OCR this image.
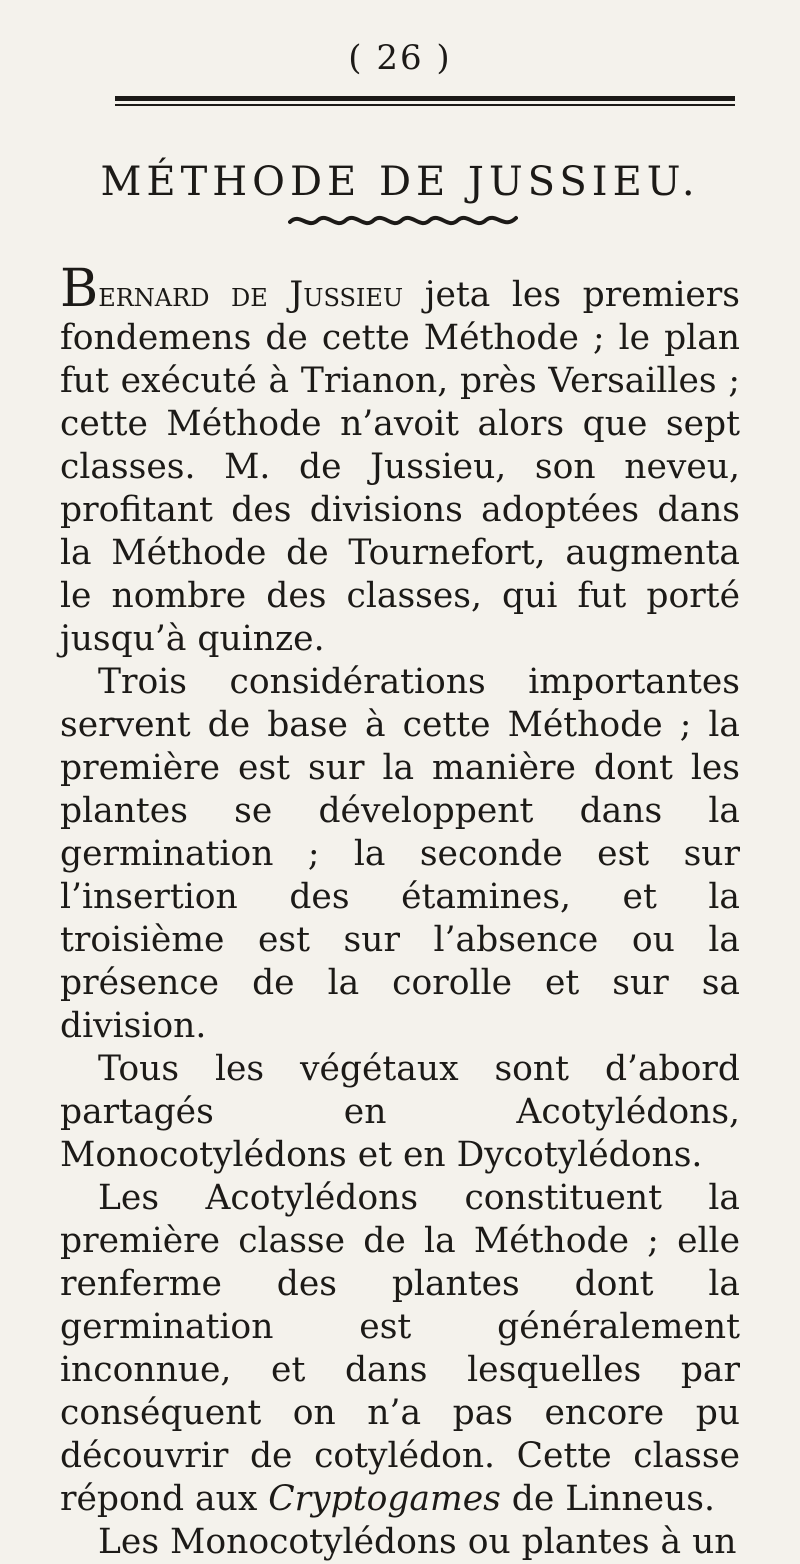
( 26 )
MÉTHODE DE JUSSIEU.

Bernard de Jussieu jeta les premiers fondemens de cette Méthode ; le plan fut exécuté à Trianon, près Versailles ; cette Méthode n’avoit alors que sept classes. M. de Jussieu, son neveu, profitant des divisions adoptées dans la Méthode de Tournefort, augmenta le nombre des classes, qui fut porté jusqu’à quinze.

Trois considérations importantes servent de base à cette Méthode ; la première est sur la manière dont les plantes se développent dans la germination ; la seconde est sur l’insertion des étamines, et la troisième est sur l’absence ou la présence de la corolle et sur sa division.

Tous les végétaux sont d’abord partagés en Acotylédons, Monocotylédons et en Dycotylédons.

Les Acotylédons constituent la première classe de la Méthode ; elle renferme des plantes dont la germination est généralement inconnue, et dans lesquelles par conséquent on n’a pas encore pu découvrir de cotylédon. Cette classe répond aux Cryptogames de Linneus.

Les Monocotylédons ou plantes à un
